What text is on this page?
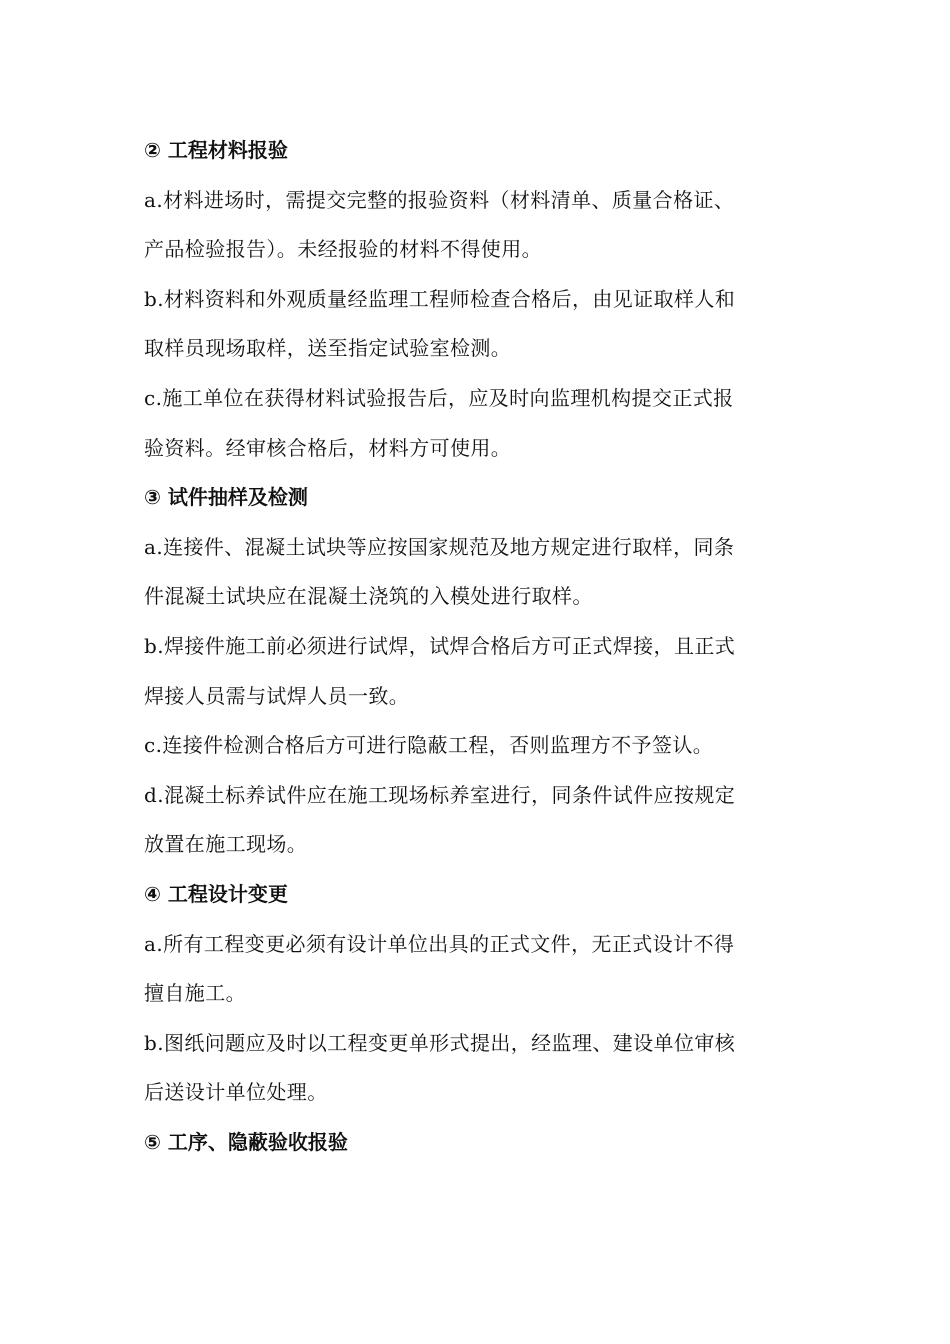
② 工程材料报验

a.材料进场时，需提交完整的报验资料（材料清单、质量合格证、
产品检验报告）。未经报验的材料不得使用。

b.材料资料和外观质量经监理工程师检查合格后，由见证取样人和
取样员现场取样，送至指定试验室检测。

c.施工单位在获得材料试验报告后，应及时向监理机构提交正式报
验资料。经审核合格后，材料方可使用。

③ 试件抽样及检测

a.连接件、混凝土试块等应按国家规范及地方规定进行取样，同条
件混凝土试块应在混凝土浇筑的入模处进行取样。

b.焊接件施工前必须进行试焊，试焊合格后方可正式焊接，且正式
焊接人员需与试焊人员一致。

c.连接件检测合格后方可进行隐蔽工程，否则监理方不予签认。

d.混凝土标养试件应在施工现场标养室进行，同条件试件应按规定
放置在施工现场。

④ 工程设计变更

a.所有工程变更必须有设计单位出具的正式文件，无正式设计不得
擅自施工。

b.图纸问题应及时以工程变更单形式提出，经监理、建设单位审核
后送设计单位处理。

⑤ 工序、隐蔽验收报验
